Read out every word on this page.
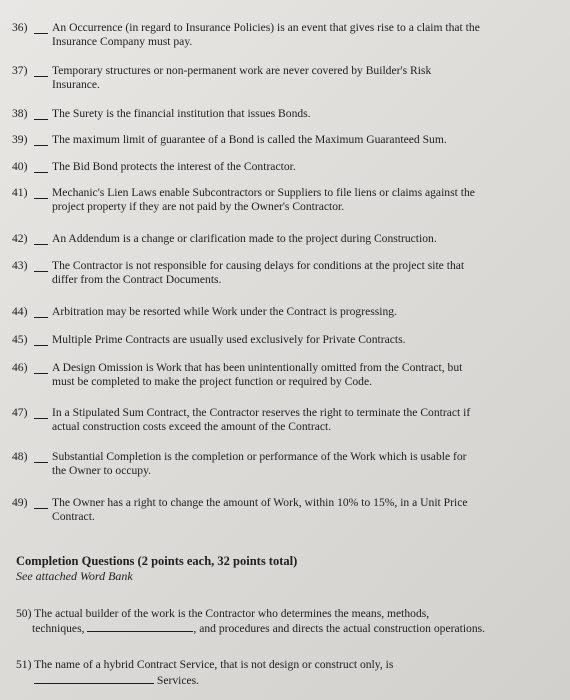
36) An Occurrence (in regard to Insurance Policies) is an event that gives rise to a claim that the
Insurance Company must pay.
37) Temporary structures or non-permanent work are never covered by Builder's Risk
Insurance.
38) The Surety is the financial institution that issues Bonds.
39) The maximum limit of guarantee of a Bond is called the Maximum Guaranteed Sum.
40) The Bid Bond protects the interest of the Contractor.
41) Mechanic's Lien Laws enable Subcontractors or Suppliers to file liens or claims against the
project property if they are not paid by the Owner's Contractor.
42) An Addendum is a change or clarification made to the project during Construction.
43) The Contractor is not responsible for causing delays for conditions at the project site that
differ from the Contract Documents.
44) Arbitration may be resorted while Work under the Contract is progressing.
45) Multiple Prime Contracts are usually used exclusively for Private Contracts.
46) A Design Omission is Work that has been unintentionally omitted from the Contract, but
must be completed to make the project function or required by Code.
47) In a Stipulated Sum Contract, the Contractor reserves the right to terminate the Contract if
actual construction costs exceed the amount of the Contract.
48) Substantial Completion is the completion or performance of the Work which is usable for
the Owner to occupy.
49) The Owner has a right to change the amount of Work, within 10% to 15%, in a Unit Price
Contract.
Completion Questions (2 points each, 32 points total)
See attached Word Bank
50) The actual builder of the work is the Contractor who determines the means, methods,
techniques,	, and procedures and directs the actual construction operations.
51) The name of a hybrid Contract Service, that is not design or construct only, is
Services.
